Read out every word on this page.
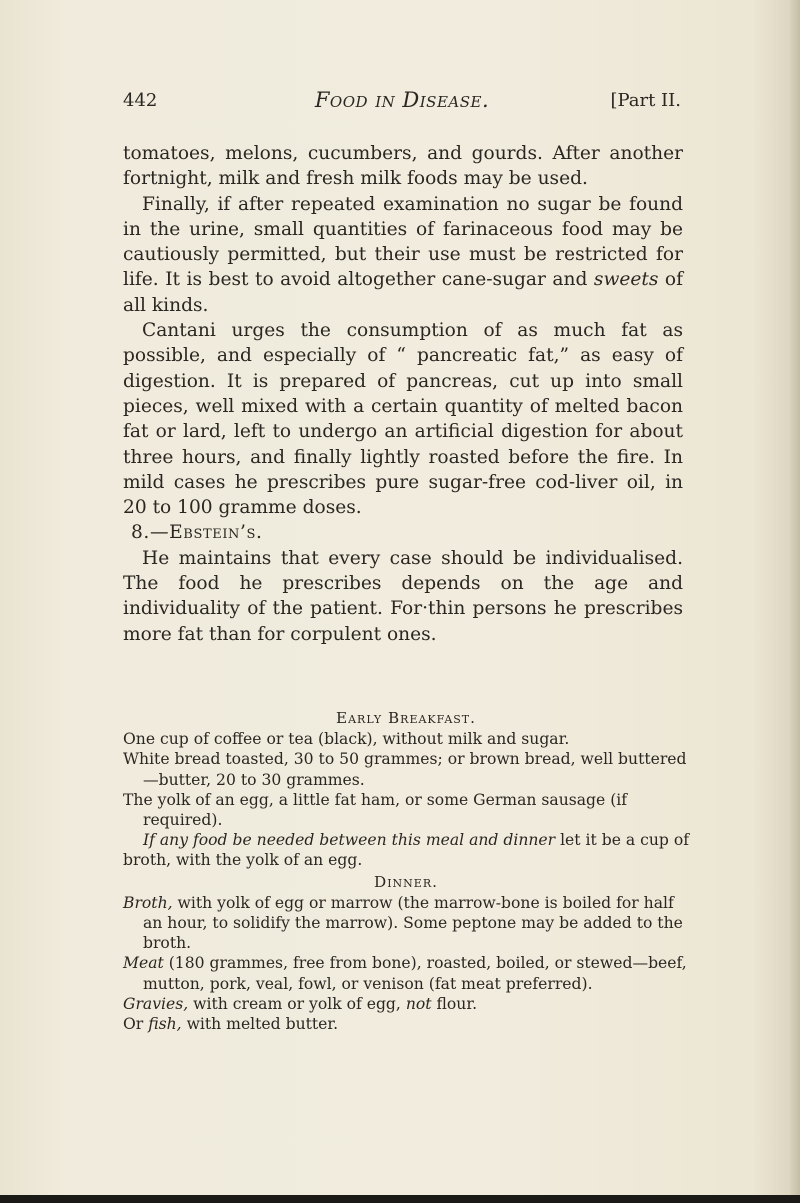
442	Food in Disease.	[Part II.

tomatoes, melons, cucumbers, and gourds. After another fortnight, milk and fresh milk foods may be used.

Finally, if after repeated examination no sugar be found in the urine, small quantities of farinaceous food may be cautiously permitted, but their use must be restricted for life. It is best to avoid altogether cane-sugar and sweets of all kinds.

Cantani urges the consumption of as much fat as possible, and especially of “ pancreatic fat,” as easy of digestion. It is prepared of pancreas, cut up into small pieces, well mixed with a certain quantity of melted bacon fat or lard, left to undergo an artificial digestion for about three hours, and finally lightly roasted before the fire. In mild cases he prescribes pure sugar-free cod-liver oil, in 20 to 100 gramme doses.

8.—Ebstein’s.

He maintains that every case should be individualised. The food he prescribes depends on the age and individuality of the patient. For·thin persons he prescribes more fat than for corpulent ones.

Early Breakfast.

One cup of coffee or tea (black), without milk and sugar.

White bread toasted, 30 to 50 grammes; or brown bread, well buttered—butter, 20 to 30 grammes.

The yolk of an egg, a little fat ham, or some German sausage (if required).

If any food be needed between this meal and dinner let it be a cup of broth, with the yolk of an egg.

Dinner.

Broth, with yolk of egg or marrow (the marrow-bone is boiled for half an hour, to solidify the marrow). Some peptone may be added to the broth.

Meat (180 grammes, free from bone), roasted, boiled, or stewed—beef, mutton, pork, veal, fowl, or venison (fat meat preferred).

Gravies, with cream or yolk of egg, not flour.

Or fish, with melted butter.
